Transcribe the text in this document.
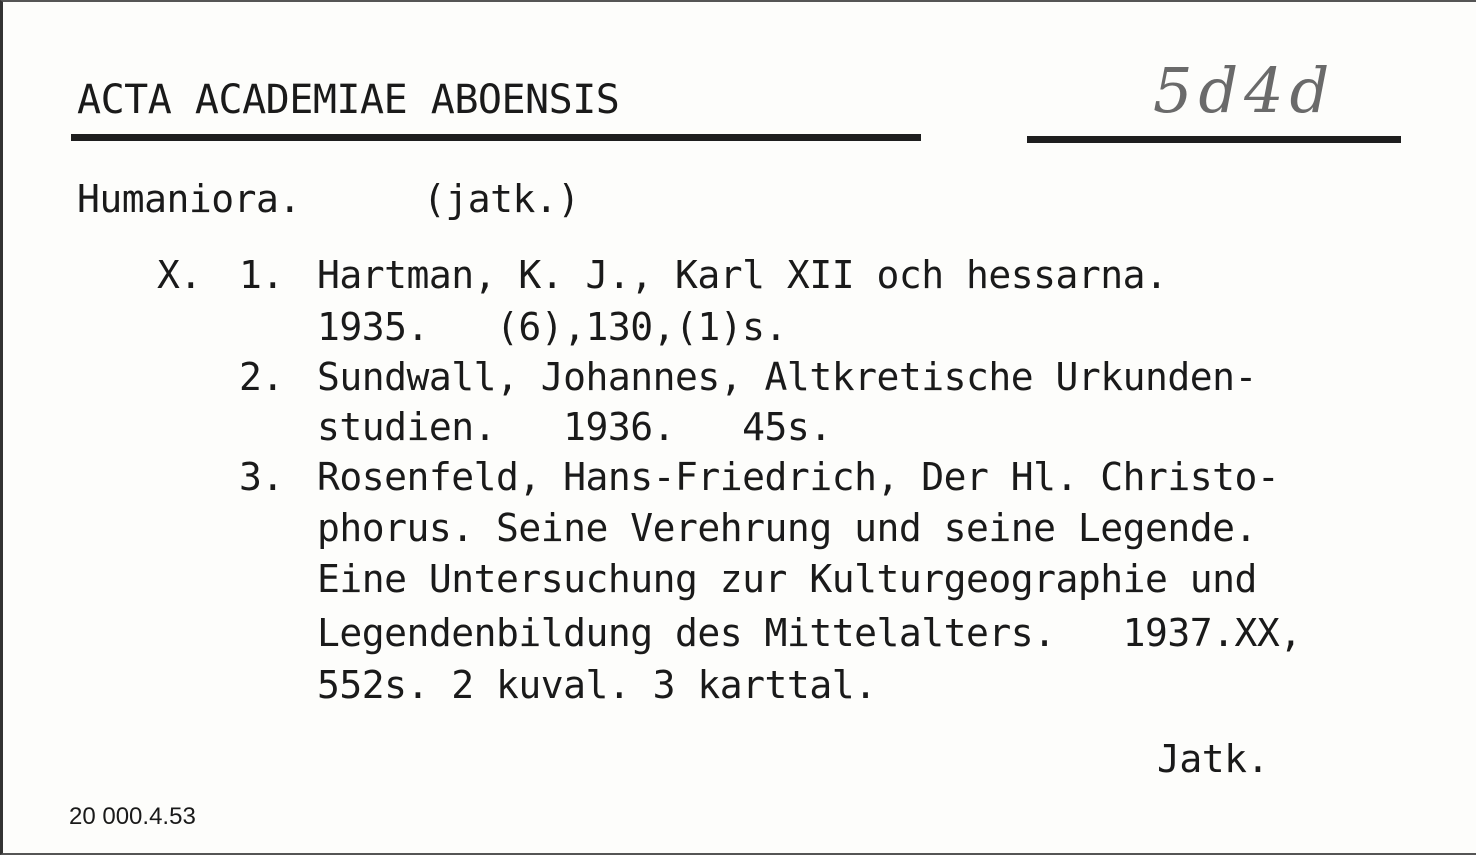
ACTA ACADEMIAE ABOENSIS	5d4d
Humaniora.	(jatk.)
X. 1. Hartman, K. J., Karl XII och hessarna.
1935.   (6),130,(1)s.
2. Sundwall, Johannes, Altkretische Urkunden-
studien.   1936.   45s.
3. Rosenfeld, Hans-Friedrich, Der Hl. Christo-
phorus. Seine Verehrung und seine Legende.
Eine Untersuchung zur Kulturgeographie und
Legendenbildung des Mittelalters.   1937.XX,
552s. 2 kuval. 3 karttal.
Jatk.
20 000.4.53
